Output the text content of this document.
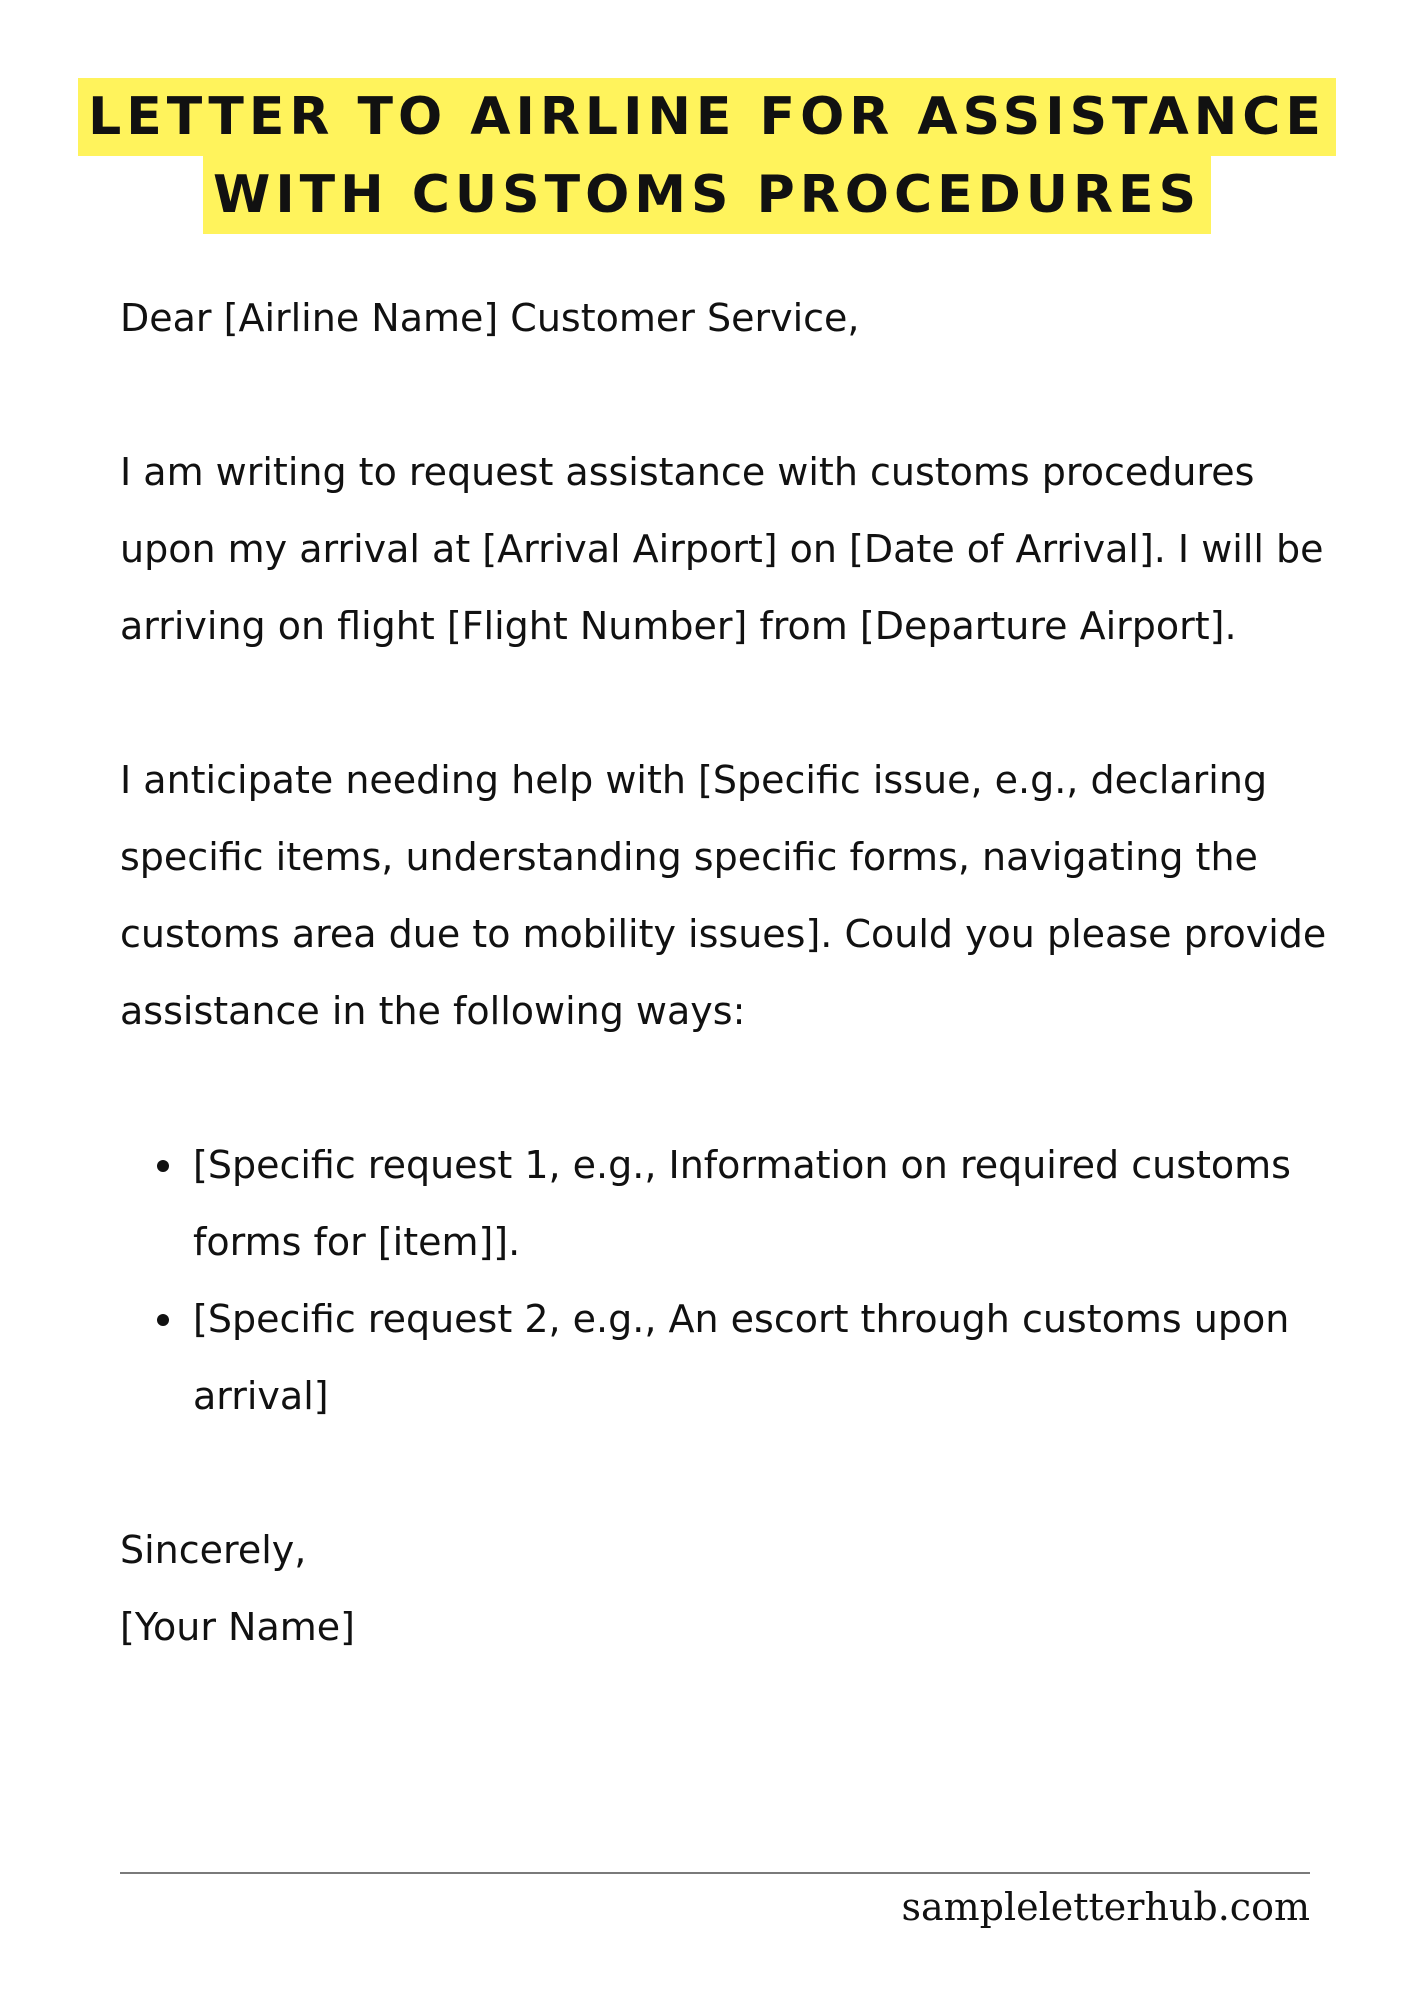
LETTER TO AIRLINE FOR ASSISTANCE
WITH CUSTOMS PROCEDURES

Dear [Airline Name] Customer Service,

I am writing to request assistance with customs procedures upon my arrival at [Arrival Airport] on [Date of Arrival]. I will be arriving on flight [Flight Number] from [Departure Airport].

I anticipate needing help with [Specific issue, e.g., declaring specific items, understanding specific forms, navigating the customs area due to mobility issues]. Could you please provide assistance in the following ways:

[Specific request 1, e.g., Information on required customs forms for [item]].
[Specific request 2, e.g., An escort through customs upon arrival]

Sincerely,

[Your Name]

sampleletterhub.com
